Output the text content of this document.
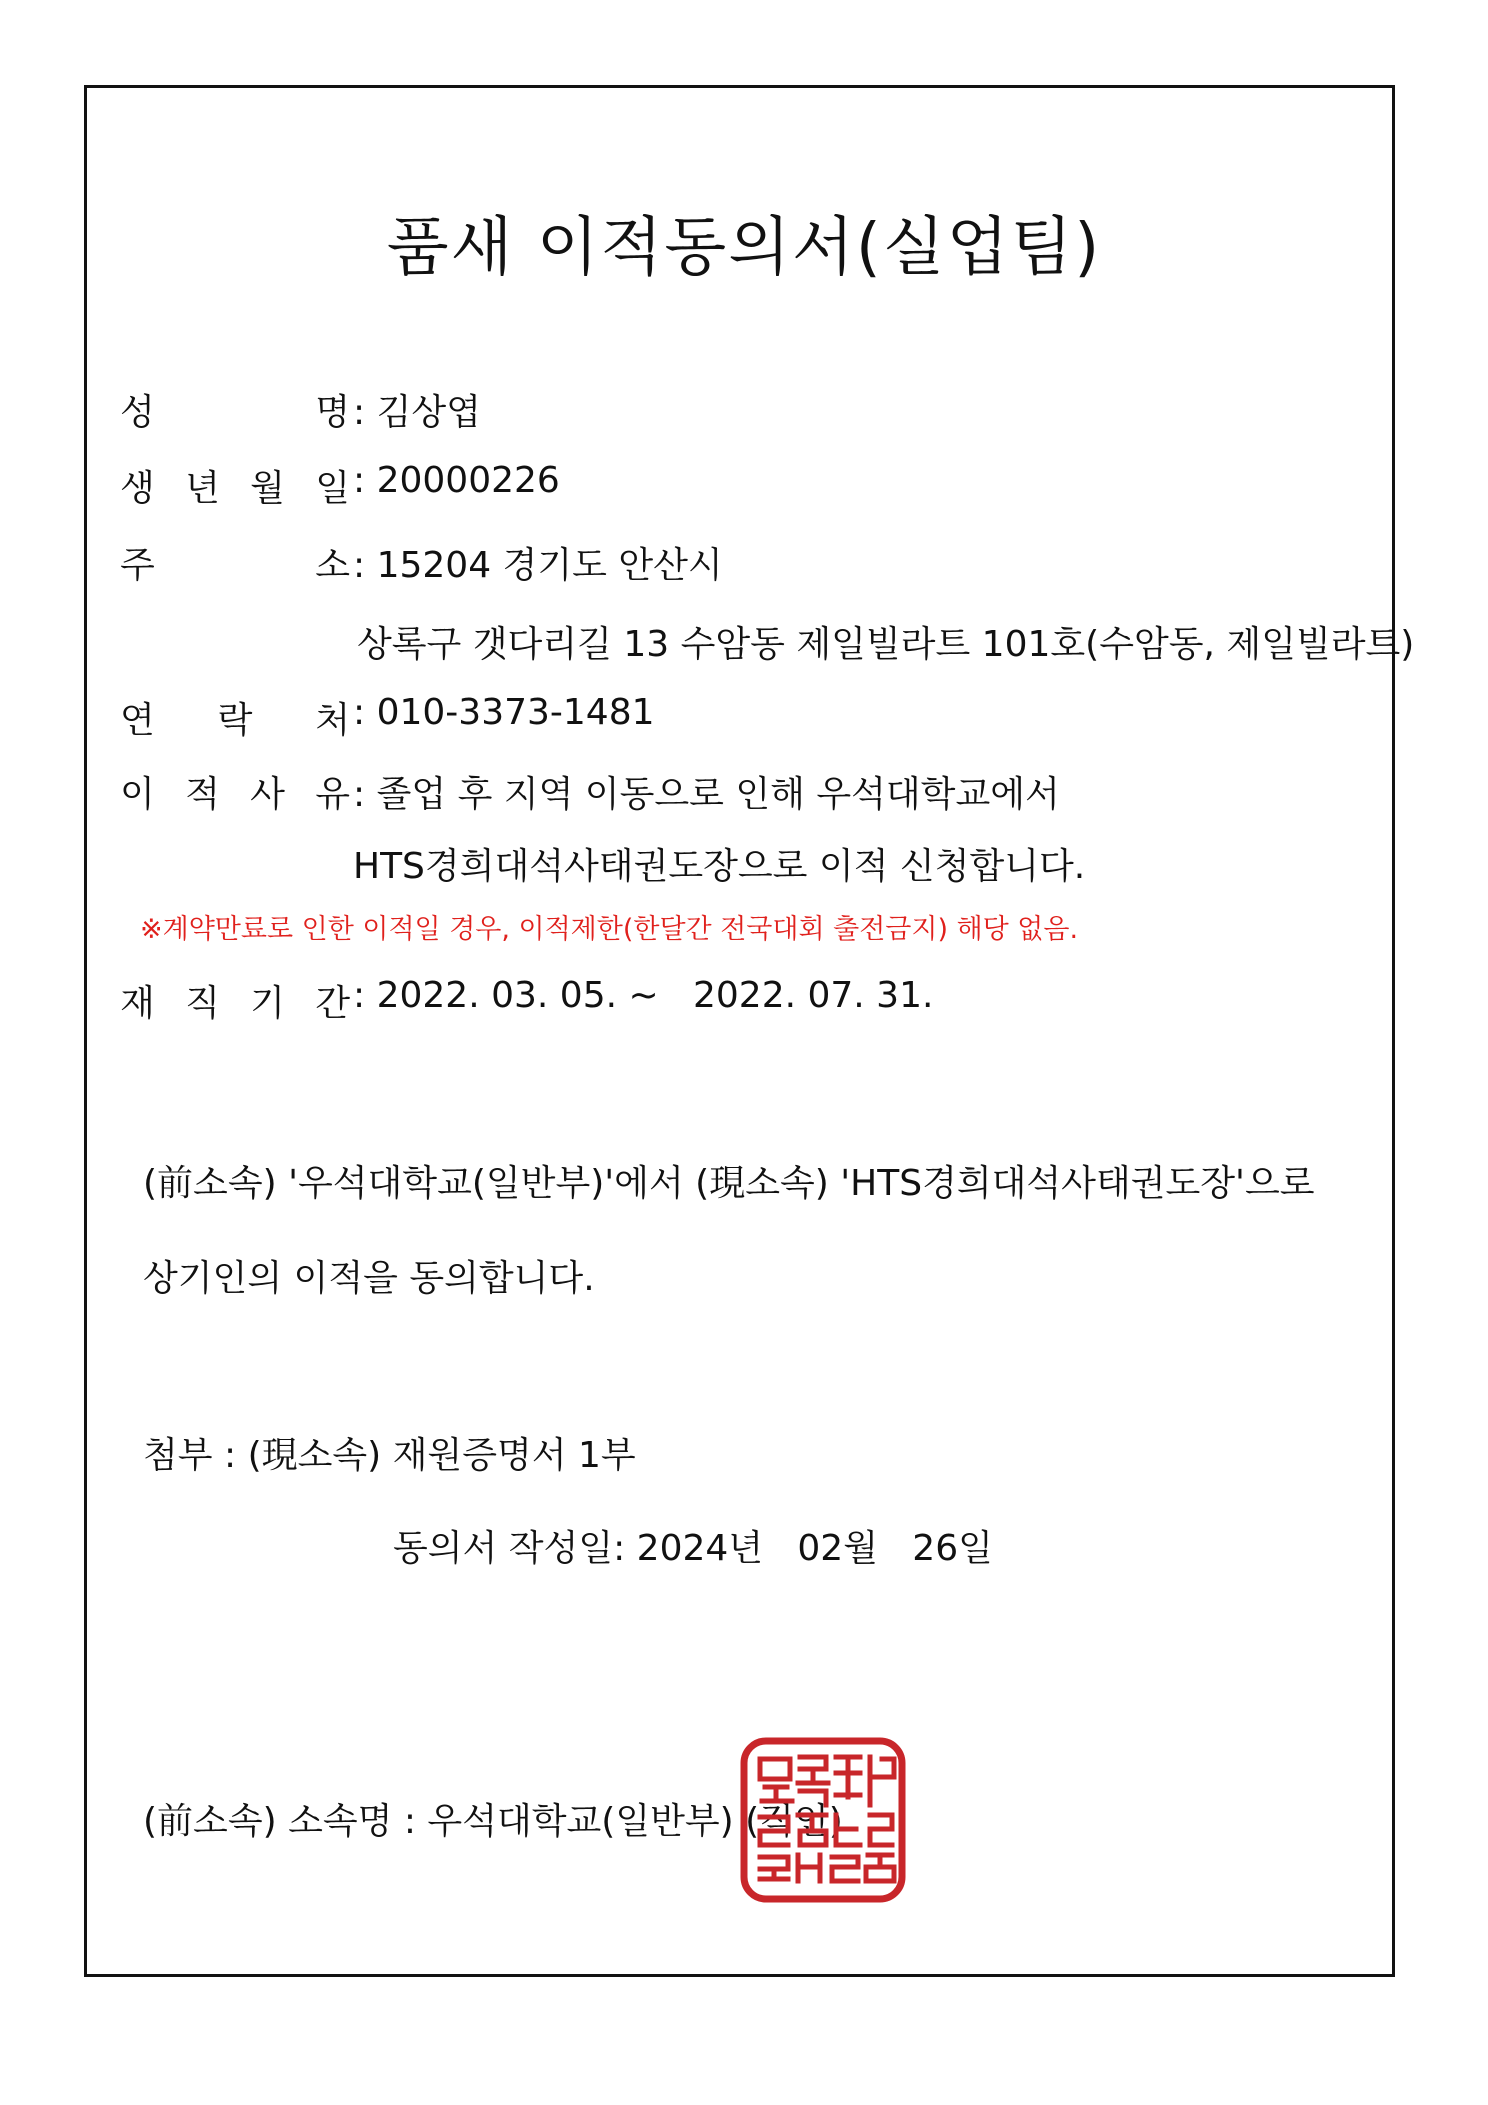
품새 이적동의서(실업팀)
성	명 : 김상엽
생 년 월 일 : 20000226
주	소 : 15204 경기도 안산시
상록구 갯다리길 13 수암동 제일빌라트 101호(수암동, 제일빌라트)
연 락 처 : 010-3373-1481
이 적 사 유 : 졸업 후 지역 이동으로 인해 우석대학교에서
HTS경희대석사태권도장으로 이적 신청합니다.
※계약만료로 인한 이적일 경우, 이적제한(한달간 전국대회 출전금지) 해당 없음.
재 직 기 간 : 2022. 03. 05. ~   2022. 07. 31.
(前소속) '우석대학교(일반부)'에서 (現소속) 'HTS경희대석사태권도장'으로
상기인의 이적을 동의합니다.
첨부 : (現소속) 재원증명서 1부
동의서 작성일: 2024년   02월   26일
(前소속) 소속명 : 우석대학교(일반부) (직인)
